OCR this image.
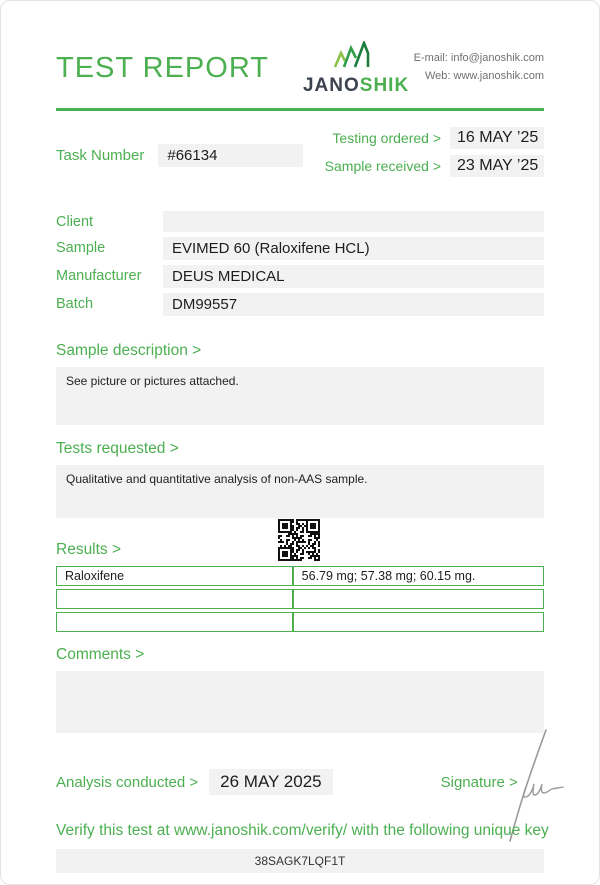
TEST REPORT
JANOSHIK
E-mail: info@janoshik.com
Web: www.janoshik.com
Task Number	#66134
Testing ordered >	16 MAY ’25
Sample received >	23 MAY ’25
Client
Sample	EVIMED 60 (Raloxifene HCL)
Manufacturer	DEUS MEDICAL
Batch	DM99557
Sample description >
See picture or pictures attached.
Tests requested >
Qualitative and quantitative analysis of non-AAS sample.
Results >
Raloxifene	56.79 mg; 57.38 mg; 60.15 mg.

Comments >
Analysis conducted >	26 MAY 2025	Signature >
Verify this test at www.janoshik.com/verify/ with the following unique key
38SAGK7LQF1T
